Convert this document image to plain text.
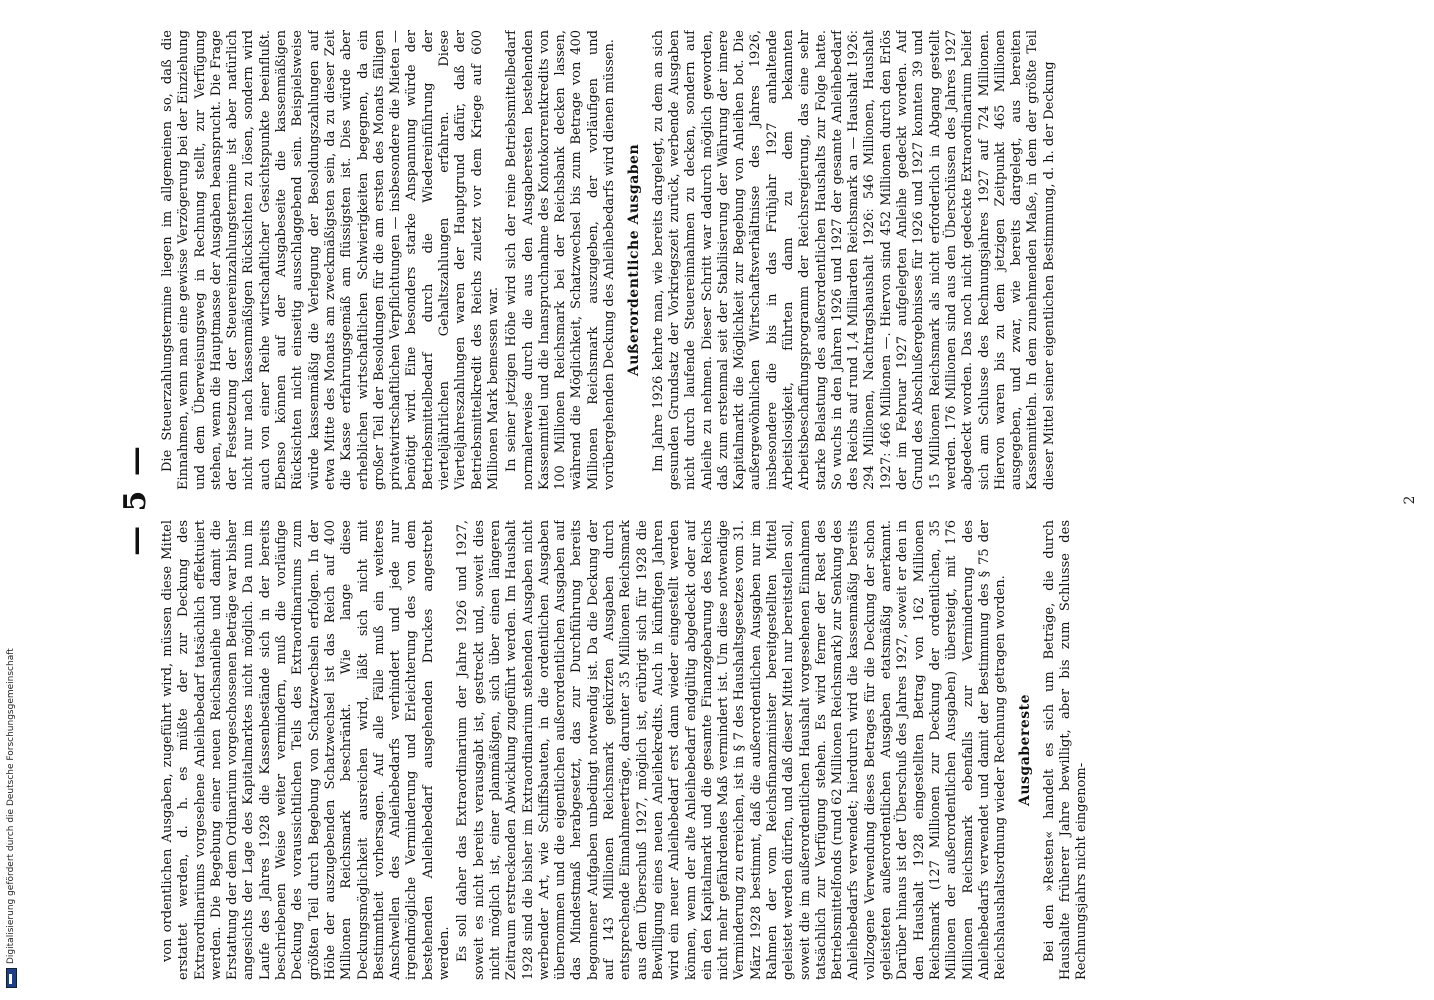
— 5 —

von ordentlichen Ausgaben, zugeführt wird, müssen diese Mittel erstattet werden, d. h. es müßte der zur Deckung des Extraordinariums vorgesehene Anleihebedarf tatsächlich effektuiert werden. Die Begebung einer neuen Reichsanleihe und damit die Erstattung der dem Ordinarium vorgeschossenen Beträge war bisher angesichts der Lage des Kapitalmarktes nicht möglich. Da nun im Laufe des Jahres 1928 die Kassenbestände sich in der bereits beschriebenen Weise weiter vermindern, muß die vorläufige Deckung des voraussichtlichen Teils des Extraordinariums zum größten Teil durch Begebung von Schatzwechseln erfolgen. In der Höhe der auszugebenden Schatzwechsel ist das Reich auf 400 Millionen Reichsmark beschränkt. Wie lange diese Deckungsmöglichkeit ausreichen wird, läßt sich nicht mit Bestimmtheit vorhersagen. Auf alle Fälle muß ein weiteres Anschwellen des Anleihebedarfs verhindert und jede nur irgendmögliche Verminderung und Erleichterung des von dem bestehenden Anleihebedarf ausgehenden Druckes angestrebt werden. Es soll daher das Extraordinarium der Jahre 1926 und 1927, soweit es nicht bereits verausgabt ist, gestreckt und, soweit dies nicht möglich ist, einer planmäßigen, sich über einen längeren Zeitraum erstreckenden Abwicklung zugeführt werden. Im Haushalt 1928 sind die bisher im Extraordinarium stehenden Ausgaben nicht werbender Art, wie Schiffsbauten, in die ordentlichen Ausgaben übernommen und die eigentlichen außerordentlichen Ausgaben auf das Mindestmaß herabgesetzt, das zur Durchführung bereits begonnener Aufgaben unbedingt notwendig ist. Da die Deckung der auf 143 Millionen Reichsmark gekürzten Ausgaben durch entsprechende Einnahmeerträge, darunter 35 Millionen Reichsmark aus dem Überschuß 1927, möglich ist, erübrigt sich für 1928 die Bewilligung eines neuen Anleihekredits. Auch in künftigen Jahren wird ein neuer Anleihebedarf erst dann wieder eingestellt werden können, wenn der alte Anleihebedarf endgültig abgedeckt oder auf ein den Kapitalmarkt und die gesamte Finanzgebarung des Reichs nicht mehr gefährdendes Maß vermindert ist. Um diese notwendige Verminderung zu erreichen, ist in § 7 des Haushaltsgesetzes vom 31. März 1928 bestimmt, daß die außerordentlichen Ausgaben nur im Rahmen der vom Reichsfinanzminister bereitgestellten Mittel geleistet werden dürfen, und daß dieser Mittel nur bereitstellen soll, soweit die im außerordentlichen Haushalt vorgesehenen Einnahmen tatsächlich zur Verfügung stehen. Es wird ferner der Rest des Betriebsmittelfonds (rund 62 Millionen Reichsmark) zur Senkung des Anleihebedarfs verwendet; hierdurch wird die kassenmäßig bereits vollzogene Verwendung dieses Betrages für die Deckung der schon geleisteten außerordentlichen Ausgaben etatsmäßig anerkannt. Darüber hinaus ist der Überschuß des Jahres 1927, soweit er den in den Haushalt 1928 eingestellten Betrag von 162 Millionen Reichsmark (127 Millionen zur Deckung der ordentlichen, 35 Millionen der außerordentlichen Ausgaben) übersteigt, mit 176 Millionen Reichsmark ebenfalls zur Verminderung des Anleihebedarfs verwendet und damit der Bestimmung des § 75 der Reichshaushaltsordnung wieder Rechnung getragen worden. Ausgabereste Bei den »Resten« handelt es sich um Beträge, die durch Haushalte früherer Jahre bewilligt, aber bis zum Schlusse des Rechnungsjahrs nicht eingenom-

Die Steuerzahlungstermine liegen im allgemeinen so, daß die Einnahmen, wenn man eine gewisse Verzögerung bei der Einziehung und dem Überweisungsweg in Rechnung stellt, zur Verfügung stehen, wenn die Hauptmasse der Ausgaben beansprucht. Die Frage der Festsetzung der Steuereinzahlungstermine ist aber natürlich nicht nur nach kassenmäßigen Rücksichten zu lösen, sondern wird auch von einer Reihe wirtschaftlicher Gesichtspunkte beeinflußt. Ebenso können auf der Ausgabeseite die kassenmäßigen Rücksichten nicht einseitig ausschlaggebend sein. Beispielsweise würde kassenmäßig die Verlegung der Besoldungszahlungen auf etwa Mitte des Monats am zweckmäßigsten sein, da zu dieser Zeit die Kasse erfahrungsgemäß am flüssigsten ist. Dies würde aber erheblichen wirtschaftlichen Schwierigkeiten begegnen, da ein großer Teil der Besoldungen für die am ersten des Monats fälligen privatwirtschaftlichen Verpflichtungen — insbesondere die Mieten — benötigt wird. Eine besonders starke Anspannung würde der Betriebsmittelbedarf durch die Wiedereinführung der vierteljährlichen Gehaltszahlungen erfahren. Diese Vierteljahreszahlungen waren der Hauptgrund dafür, daß der Betriebsmittelkredit des Reichs zuletzt vor dem Kriege auf 600 Millionen Mark bemessen war. In seiner jetzigen Höhe wird sich der reine Betriebsmittelbedarf normalerweise durch die aus den Ausgaberesten bestehenden Kassenmittel und die Inanspruchnahme des Kontokorrentkredits von 100 Millionen Reichsmark bei der Reichsbank decken lassen, während die Möglichkeit, Schatzwechsel bis zum Betrage von 400 Millionen Reichsmark auszugeben, der vorläufigen und vorübergehenden Deckung des Anleihebedarfs wird dienen müssen. Außerordentliche Ausgaben Im Jahre 1926 kehrte man, wie bereits dargelegt, zu dem an sich gesunden Grundsatz der Vorkriegszeit zurück, werbende Ausgaben nicht durch laufende Steuereinnahmen zu decken, sondern auf Anleihe zu nehmen. Dieser Schritt war dadurch möglich geworden, daß zum erstenmal seit der Stabilisierung der Währung der innere Kapitalmarkt die Möglichkeit zur Begebung von Anleihen bot. Die außergewöhnlichen Wirtschaftsverhältnisse des Jahres 1926, insbesondere die bis in das Frühjahr 1927 anhaltende Arbeitslosigkeit, führten dann zu dem bekannten Arbeitsbeschaffungsprogramm der Reichsregierung, das eine sehr starke Belastung des außerordentlichen Haushalts zur Folge hatte. So wuchs in den Jahren 1926 und 1927 der gesamte Anleihebedarf des Reichs auf rund 1,4 Milliarden Reichsmark an — Haushalt 1926: 294 Millionen, Nachtragshaushalt 1926: 546 Millionen, Haushalt 1927: 466 Millionen —. Hiervon sind 452 Millionen durch den Erlös der im Februar 1927 aufgelegten Anleihe gedeckt worden. Auf Grund des Abschlußergebnisses für 1926 und 1927 konnten 39 und 15 Millionen Reichsmark als nicht erforderlich in Abgang gestellt werden. 176 Millionen sind aus den Überschüssen des Jahres 1927 abgedeckt worden. Das noch nicht gedeckte Extraordinarium belief sich am Schlusse des Rechnungsjahres 1927 auf 724 Millionen. Hiervon waren bis zu dem jetzigen Zeitpunkt 465 Millionen ausgegeben, und zwar, wie bereits dargelegt, aus bereiten Kassenmitteln. In dem zunehmenden Maße, in dem der größte Teil dieser Mittel seiner eigentlichen Bestimmung, d. h. der Deckung

2
Digitalisierung gefördert durch die Deutsche Forschungsgemeinschaft
